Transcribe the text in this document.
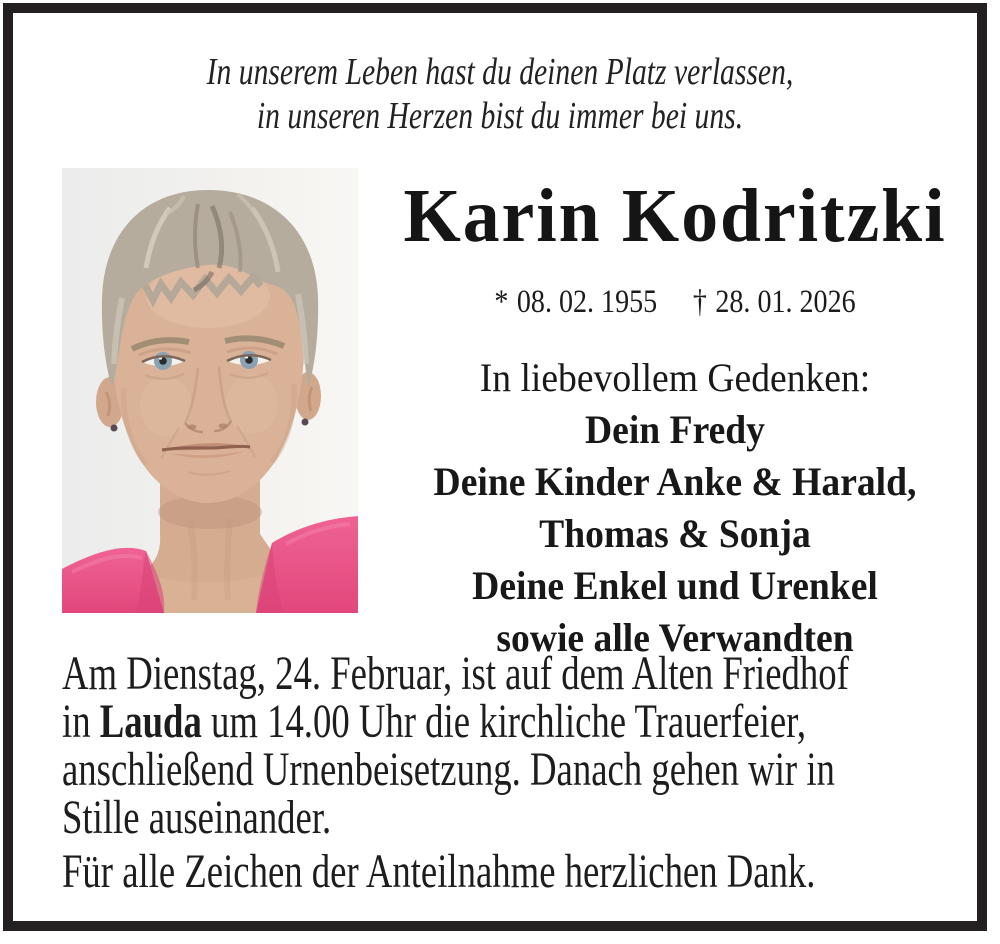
In unserem Leben hast du deinen Platz verlassen,
in unseren Herzen bist du immer bei uns.
Karin Kodritzki
* 08. 02. 1955 † 28. 01. 2026
In liebevollem Gedenken:
Dein Fredy
Deine Kinder Anke & Harald,
Thomas & Sonja
Deine Enkel und Urenkel
sowie alle Verwandten
Am Dienstag, 24. Februar, ist auf dem Alten Friedhof
in Lauda um 14.00 Uhr die kirchliche Trauerfeier,
anschließend Urnenbeisetzung. Danach gehen wir in
Stille auseinander.
Für alle Zeichen der Anteilnahme herzlichen Dank.
